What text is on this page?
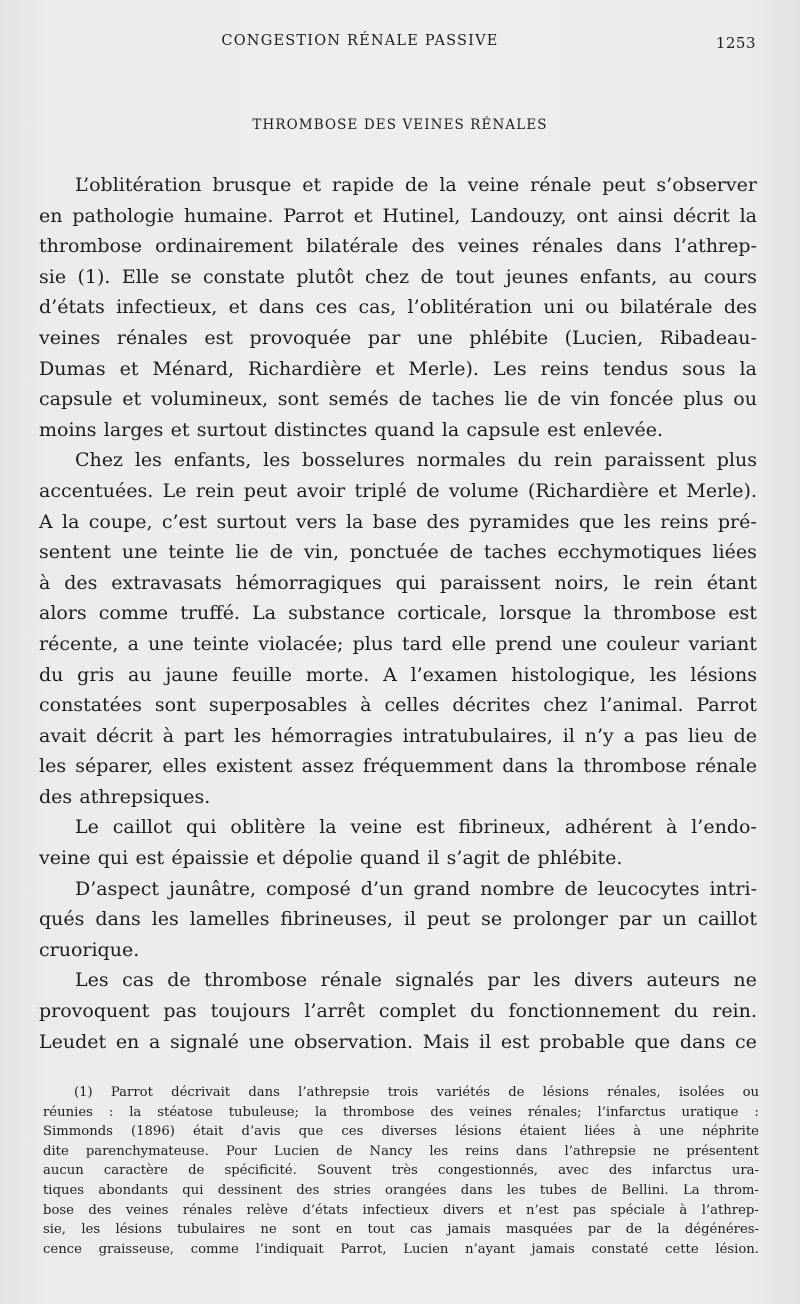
CONGESTION RÉNALE PASSIVE	1253
THROMBOSE DES VEINES RÉNALES
L’oblitération brusque et rapide de la veine rénale peut s’observer
en pathologie humaine. Parrot et Hutinel, Landouzy, ont ainsi décrit la
thrombose ordinairement bilatérale des veines rénales dans l’athrep-
sie (1). Elle se constate plutôt chez de tout jeunes enfants, au cours
d’états infectieux, et dans ces cas, l’oblitération uni ou bilatérale des
veines rénales est provoquée par une phlébite (Lucien, Ribadeau-
Dumas et Ménard, Richardière et Merle). Les reins tendus sous la
capsule et volumineux, sont semés de taches lie de vin foncée plus ou
moins larges et surtout distinctes quand la capsule est enlevée.
Chez les enfants, les bosselures normales du rein paraissent plus
accentuées. Le rein peut avoir triplé de volume (Richardière et Merle).
A la coupe, c’est surtout vers la base des pyramides que les reins pré-
sentent une teinte lie de vin, ponctuée de taches ecchymotiques liées
à des extravasats hémorragiques qui paraissent noirs, le rein étant
alors comme truffé. La substance corticale, lorsque la thrombose est
récente, a une teinte violacée; plus tard elle prend une couleur variant
du gris au jaune feuille morte. A l’examen histologique, les lésions
constatées sont superposables à celles décrites chez l’animal. Parrot
avait décrit à part les hémorragies intratubulaires, il n’y a pas lieu de
les séparer, elles existent assez fréquemment dans la thrombose rénale
des athrepsiques.
Le caillot qui oblitère la veine est fibrineux, adhérent à l’endo-
veine qui est épaissie et dépolie quand il s’agit de phlébite.
D’aspect jaunâtre, composé d’un grand nombre de leucocytes intri-
qués dans les lamelles fibrineuses, il peut se prolonger par un caillot
cruorique.
Les cas de thrombose rénale signalés par les divers auteurs ne
provoquent pas toujours l’arrêt complet du fonctionnement du rein.
Leudet en a signalé une observation. Mais il est probable que dans ce
(1) Parrot décrivait dans l’athrepsie trois variétés de lésions rénales, isolées ou
réunies : la stéatose tubuleuse; la thrombose des veines rénales; l’infarctus uratique :
Simmonds (1896) était d’avis que ces diverses lésions étaient liées à une néphrite
dite parenchymateuse. Pour Lucien de Nancy les reins dans l’athrepsie ne présentent
aucun caractère de spécificité. Souvent très congestionnés, avec des infarctus ura-
tiques abondants qui dessinent des stries orangées dans les tubes de Bellini. La throm-
bose des veines rénales relève d’états infectieux divers et n’est pas spéciale à l’athrep-
sie, les lésions tubulaires ne sont en tout cas jamais masquées par de la dégénéres-
cence graisseuse, comme l’indiquait Parrot, Lucien n’ayant jamais constaté cette lésion.
